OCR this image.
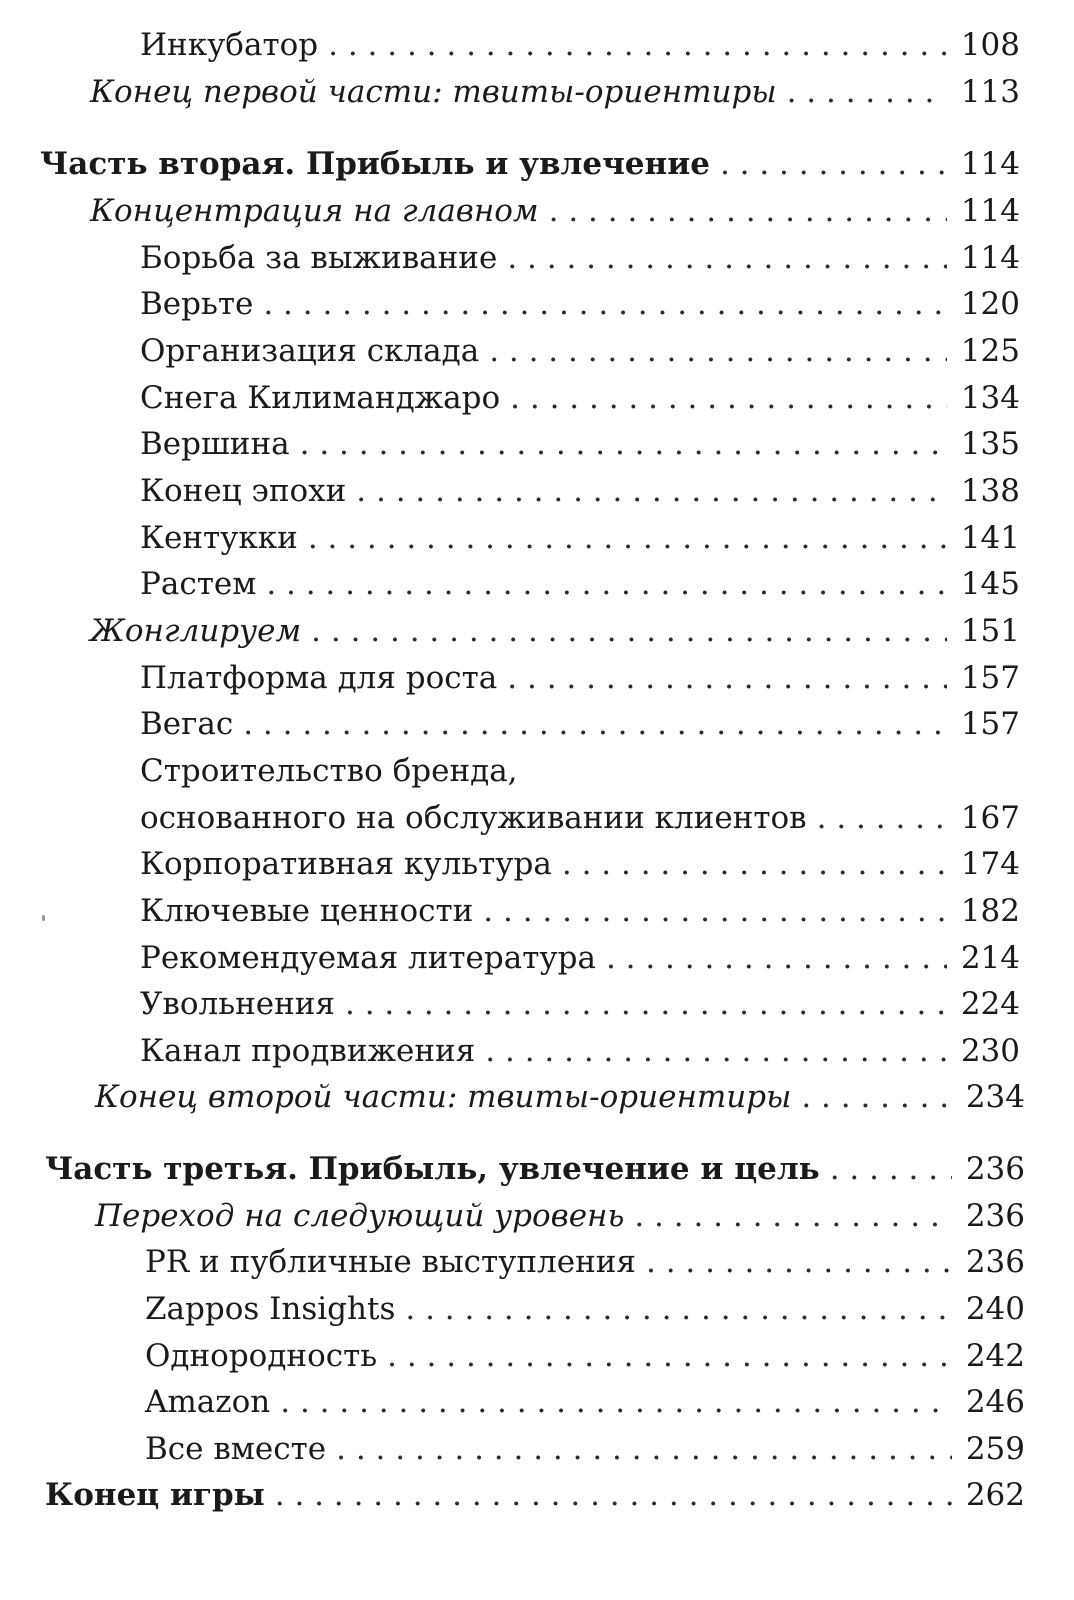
Инкубатор . . .	108
Конец первой части: твиты-ориентиры . . .	113
Часть вторая. Прибыль и увлечение . . .	114
Концентрация на главном . . .	114
Борьба за выживание . . .	114
Верьте . . .	120
Организация склада . . .	125
Снега Килиманджаро . . .	134
Вершина . . .	135
Конец эпохи . . .	138
Кентукки . . .	141
Растем . . .	145
Жонглируем . . .	151
Платформа для роста . . .	157
Вегас . . .	157
Строительство бренда,
основанного на обслуживании клиентов . . .	167
Корпоративная культура . . .	174
Ключевые ценности . . .	182
Рекомендуемая литература . . .	214
Увольнения . . .	224
Канал продвижения . . .	230
Конец второй части: твиты-ориентиры . . .	234
Часть третья. Прибыль, увлечение и цель . . .	236
Переход на следующий уровень . . .	236
PR и публичные выступления . . .	236
Zappos Insights . . .	240
Однородность . . .	242
Amazon . . .	246
Все вместе . . .	259
Конец игры . . .	262
